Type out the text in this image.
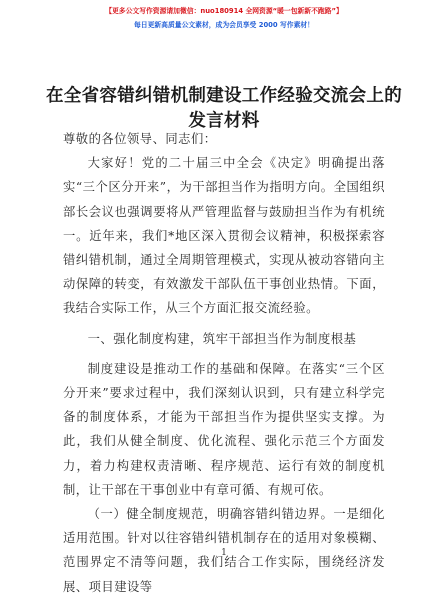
【更多公文写作资源请加微信：nuo180914 全网资源“暖一包新新不跑路”】
每日更新高质量公文素材，成为会员享受 2000 写作素材！
在全省容错纠错机制建设工作经验交流会上的
发言材料

尊敬的各位领导、同志们：

大家好！党的二十届三中全会《决定》明确提出落实“三个区分开来”，为干部担当作为指明方向。全国组织部长会议也强调要将从严管理监督与鼓励担当作为有机统一。近年来，我们*地区深入贯彻会议精神，积极探索容错纠错机制，通过全周期管理模式，实现从被动容错向主动保障的转变，有效激发干部队伍干事创业热情。下面，我结合实际工作，从三个方面汇报交流经验。

一、强化制度构建，筑牢干部担当作为制度根基

制度建设是推动工作的基础和保障。在落实“三个区分开来”要求过程中，我们深刻认识到，只有建立科学完备的制度体系，才能为干部担当作为提供坚实支撑。为此，我们从健全制度、优化流程、强化示范三个方面发力，着力构建权责清晰、程序规范、运行有效的制度机制，让干部在干事创业中有章可循、有规可依。

（一）健全制度规范，明确容错纠错边界。一是细化适用范围。针对以往容错纠错机制存在的适用对象模糊、范围界定不清等问题，我们结合工作实际，围绕经济发展、项目建设等

1
